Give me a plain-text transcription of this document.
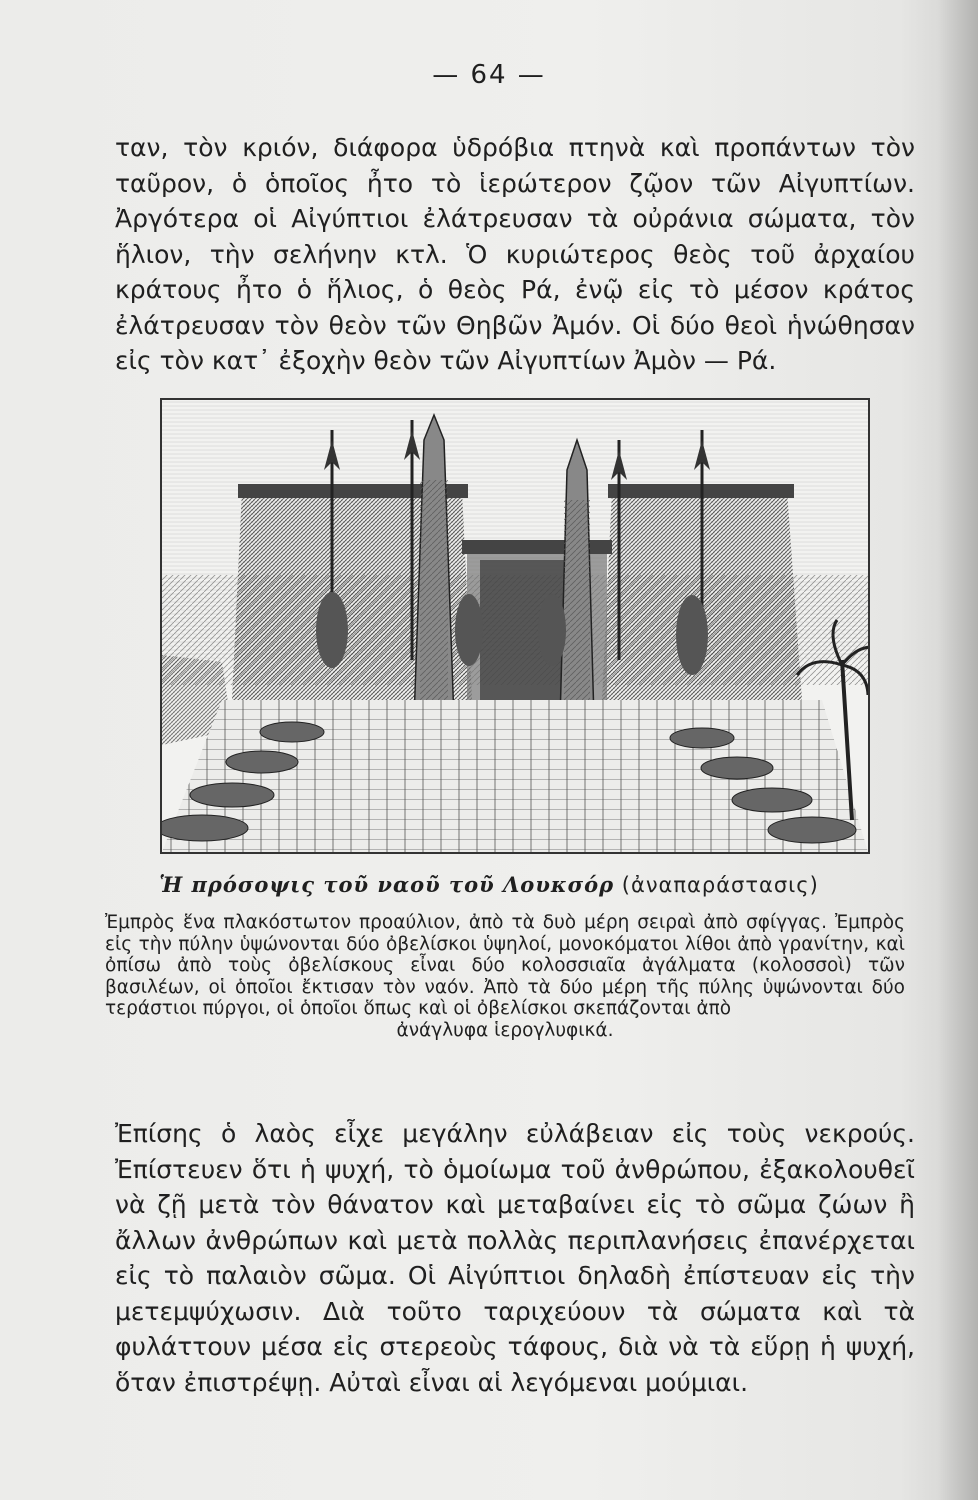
— 64 —
ταν, τὸν κριόν, διάφορα ὑδρόβια πτηνὰ καὶ προπάντων τὸν ταῦρον, ὁ ὁποῖος ἦτο τὸ ἱερώτερον ζῷον τῶν Αἰγυπτίων. Ἀργότερα οἱ Αἰγύπτιοι ἐλάτρευσαν τὰ οὐράνια σώματα, τὸν ἥλιον, τὴν σελήνην κτλ. Ὁ κυριώτερος θεὸς τοῦ ἀρχαίου κράτους ἦτο ὁ ἥλιος, ὁ θεὸς Ρά, ἐνῷ εἰς τὸ μέσον κράτος ἐλάτρευσαν τὸν θεὸν τῶν Θηβῶν Ἀμόν. Οἱ δύο θεοὶ ἡνώθησαν εἰς τὸν κατ᾽ ἐξοχὴν θεὸν τῶν Αἰγυπτίων Ἀμὸν — Ρά.
Ἡ πρόσοψις τοῦ ναοῦ τοῦ Λουκσόρ (ἀναπαράστασις)
Ἐμπρὸς ἕνα πλακόστωτον προαύλιον, ἀπὸ τὰ δυὸ μέρη σειραὶ ἀπὸ σφίγγας. Ἐμπρὸς εἰς τὴν πύλην ὑψώνονται δύο ὀβελίσκοι ὑψηλοί, μονοκόματοι λίθοι ἀπὸ γρανίτην, καὶ ὀπίσω ἀπὸ τοὺς ὀβελίσκους εἶναι δύο κολοσσιαῖα ἀγάλματα (κολοσσοὶ) τῶν βασιλέων, οἱ ὁποῖοι ἔκτισαν τὸν ναόν. Ἀπὸ τὰ δύο μέρη τῆς πύλης ὑψώνονται δύο τεράστιοι πύργοι, οἱ ὁποῖοι ὅπως καὶ οἱ ὀβελίσκοι σκεπάζονται ἀπὸ
ἀνάγλυφα ἱερογλυφικά.
Ἐπίσης ὁ λαὸς εἶχε μεγάλην εὐλάβειαν εἰς τοὺς νεκρούς. Ἐπίστευεν ὅτι ἡ ψυχή, τὸ ὁμοίωμα τοῦ ἀνθρώπου, ἐξακολουθεῖ νὰ ζῇ μετὰ τὸν θάνατον καὶ μεταβαίνει εἰς τὸ σῶμα ζώων ἢ ἄλλων ἀνθρώπων καὶ μετὰ πολλὰς περιπλανήσεις ἐπανέρχεται εἰς τὸ παλαιὸν σῶμα. Οἱ Αἰγύπτιοι δηλαδὴ ἐπίστευαν εἰς τὴν μετεμψύχωσιν. Διὰ τοῦτο ταριχεύουν τὰ σώματα καὶ τὰ φυλάττουν μέσα εἰς στερεοὺς τάφους, διὰ νὰ τὰ εὕρῃ ἡ ψυχή, ὅταν ἐπιστρέψῃ. Αὐταὶ εἶναι αἱ λεγόμεναι μούμιαι.
